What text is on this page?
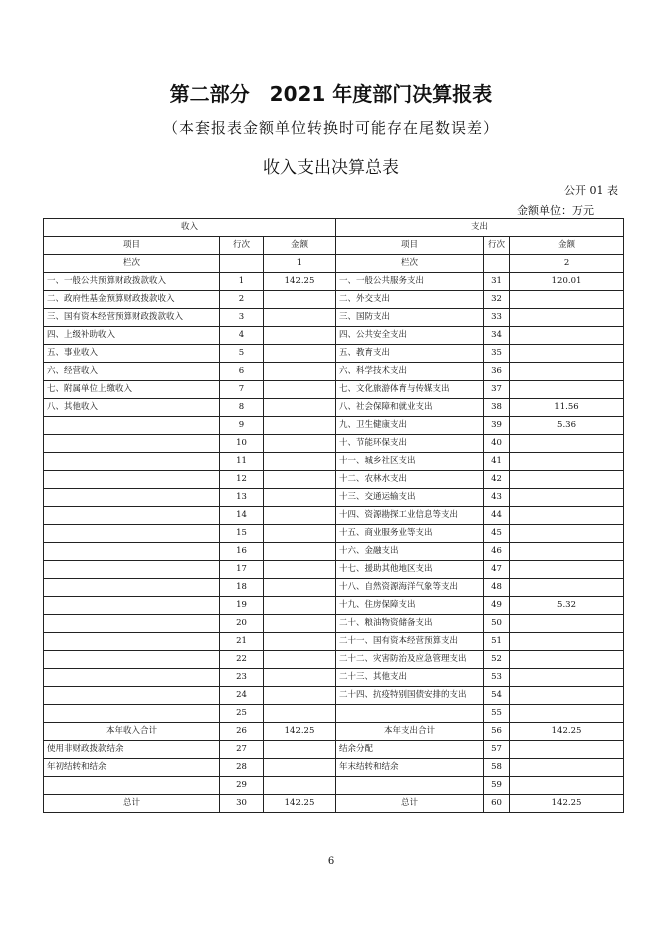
第二部分　2021 年度部门决算报表
（本套报表金额单位转换时可能存在尾数误差）
收入支出决算总表
公开 01 表
金额单位：万元
收入			支出		
项目	行次	金额	项目	行次	金额
栏次		1	栏次		2
一、一般公共预算财政拨款收入	1	142.25	一、一般公共服务支出	31	120.01
二、政府性基金预算财政拨款收入	2		二、外交支出	32	
三、国有资本经营预算财政拨款收入	3		三、国防支出	33	
四、上级补助收入	4		四、公共安全支出	34	
五、事业收入	5		五、教育支出	35	
六、经营收入	6		六、科学技术支出	36	
七、附属单位上缴收入	7		七、文化旅游体育与传媒支出	37	
八、其他收入	8		八、社会保障和就业支出	38	11.56
	9		九、卫生健康支出	39	5.36
	10		十、节能环保支出	40	
	11		十一、城乡社区支出	41	
	12		十二、农林水支出	42	
	13		十三、交通运输支出	43	
	14		十四、资源勘探工业信息等支出	44	
	15		十五、商业服务业等支出	45	
	16		十六、金融支出	46	
	17		十七、援助其他地区支出	47	
	18		十八、自然资源海洋气象等支出	48	
	19		十九、住房保障支出	49	5.32
	20		二十、粮油物资储备支出	50	
	21		二十一、国有资本经营预算支出	51	
	22		二十二、灾害防治及应急管理支出	52	
	23		二十三、其他支出	53	
	24		二十四、抗疫特别国债安排的支出	54	
	25			55	
本年收入合计	26	142.25	本年支出合计	56	142.25
使用非财政拨款结余	27		结余分配	57	
年初结转和结余	28		年末结转和结余	58	
	29			59	
总计	30	142.25	总计	60	142.25
6
